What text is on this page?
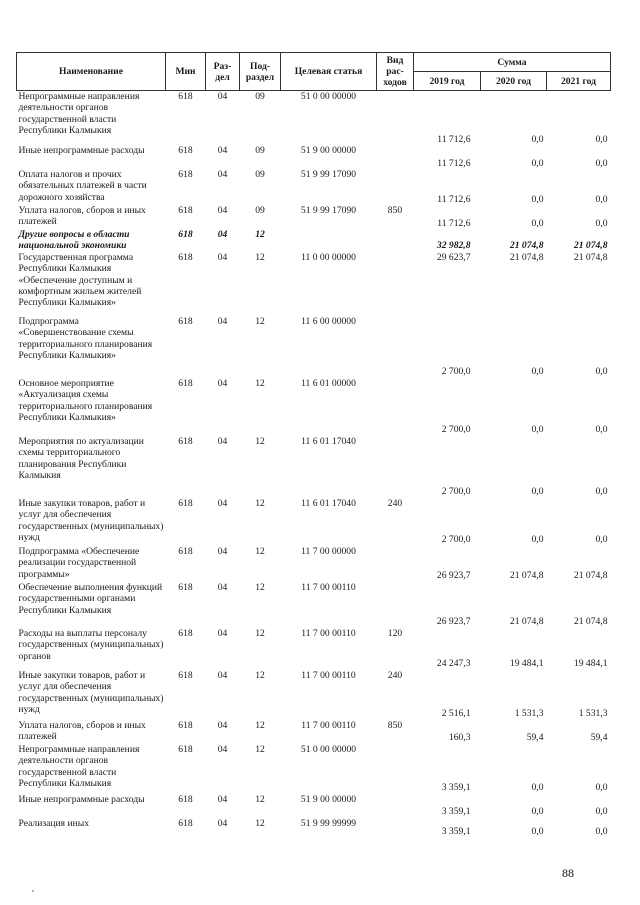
Наименование	Мин	Раз-дел	Под-раздел	Целевая статья	Вид рас-ходов	Сумма		
						2019 год	2020 год	2021 год
Непрограммные направления деятельности органов государственной власти Республики Калмыкия	618	04	09	51 0 00 00000		11 712,6	0,0	0,0
Иные непрограммные расходы	618	04	09	51 9 00 00000		11 712,6	0,0	0,0
Оплата налогов и прочих обязательных платежей в части дорожного хозяйства	618	04	09	51 9 99 17090		11 712,6	0,0	0,0
Уплата налогов, сборов и иных платежей	618	04	09	51 9 99 17090	850	11 712,6	0,0	0,0
Другие вопросы в области национальной экономики	618	04	12			32 982,8	21 074,8	21 074,8
Государственная программа Республики Калмыкия «Обеспечение доступным и комфортным жильем жителей Республики Калмыкия»	618	04	12	11 0 00 00000		29 623,7	21 074,8	21 074,8
Подпрограмма «Совершенствование схемы территориального планирования Республики Калмыкия»	618	04	12	11 6 00 00000		2 700,0	0,0	0,0
Основное мероприятие «Актуализация схемы территориального планирования Республики Калмыкия»	618	04	12	11 6 01 00000		2 700,0	0,0	0,0
Мероприятия по актуализации схемы территориального планирования Республики Калмыкия	618	04	12	11 6 01 17040		2 700,0	0,0	0,0
Иные закупки товаров, работ и услуг для обеспечения государственных (муниципальных) нужд	618	04	12	11 6 01 17040	240	2 700,0	0,0	0,0
Подпрограмма «Обеспечение реализации государственной программы»	618	04	12	11 7 00 00000		26 923,7	21 074,8	21 074,8
Обеспечение выполнения функций государственными органами Республики Калмыкия	618	04	12	11 7 00 00110		26 923,7	21 074,8	21 074,8
Расходы на выплаты персоналу государственных (муниципальных) органов	618	04	12	11 7 00 00110	120	24 247,3	19 484,1	19 484,1
Иные закупки товаров, работ и услуг для обеспечения государственных (муниципальных) нужд	618	04	12	11 7 00 00110	240	2 516,1	1 531,3	1 531,3
Уплата налогов, сборов и иных платежей	618	04	12	11 7 00 00110	850	160,3	59,4	59,4
Непрограммные направления деятельности органов государственной власти Республики Калмыкия	618	04	12	51 0 00 00000		3 359,1	0,0	0,0
Иные непрограммные расходы	618	04	12	51 9 00 00000		3 359,1	0,0	0,0
Реализация иных	618	04	12	51 9 99 99999		3 359,1	0,0	0,0
88
